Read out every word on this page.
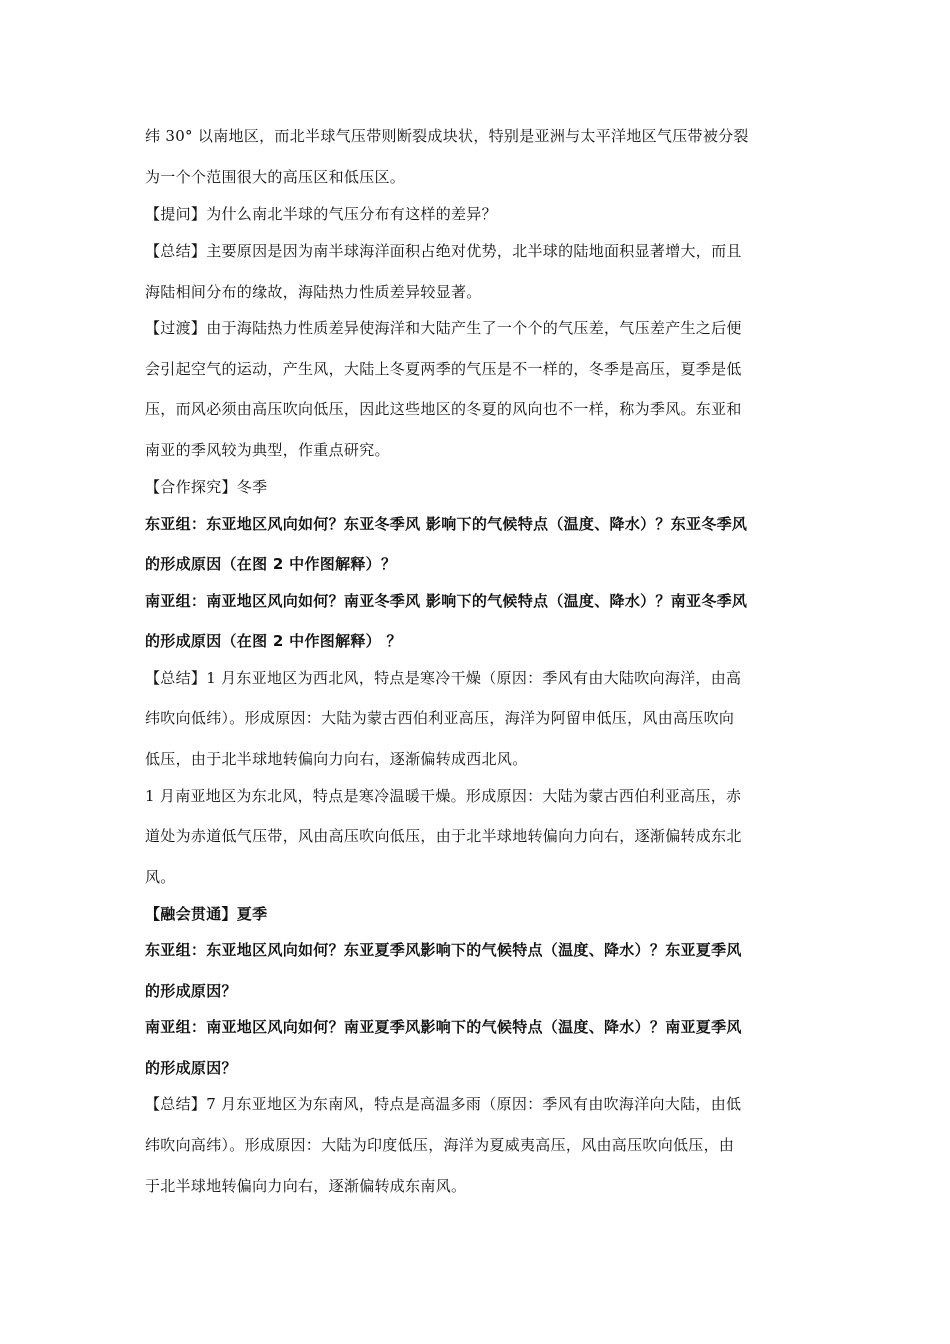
纬 30° 以南地区，而北半球气压带则断裂成块状，特别是亚洲与太平洋地区气压带被分裂
为一个个范围很大的高压区和低压区。
【提问】为什么南北半球的气压分布有这样的差异？
【总结】主要原因是因为南半球海洋面积占绝对优势，北半球的陆地面积显著增大，而且
海陆相间分布的缘故，海陆热力性质差异较显著。
【过渡】由于海陆热力性质差异使海洋和大陆产生了一个个的气压差，气压差产生之后便
会引起空气的运动，产生风，大陆上冬夏两季的气压是不一样的，冬季是高压，夏季是低
压，而风必须由高压吹向低压，因此这些地区的冬夏的风向也不一样，称为季风。东亚和
南亚的季风较为典型，作重点研究。
【合作探究】冬季
东亚组：东亚地区风向如何？东亚冬季风 影响下的气候特点（温度、降水）？东亚冬季风
的形成原因（在图 2 中作图解释）？
南亚组：南亚地区风向如何？南亚冬季风 影响下的气候特点（温度、降水）？南亚冬季风
的形成原因（在图 2 中作图解释） ？
【总结】1 月东亚地区为西北风，特点是寒冷干燥（原因：季风有由大陆吹向海洋，由高
纬吹向低纬）。形成原因：大陆为蒙古西伯利亚高压，海洋为阿留申低压，风由高压吹向
低压，由于北半球地转偏向力向右，逐渐偏转成西北风。
1 月南亚地区为东北风，特点是寒冷温暖干燥。形成原因：大陆为蒙古西伯利亚高压，赤
道处为赤道低气压带，风由高压吹向低压，由于北半球地转偏向力向右，逐渐偏转成东北
风。
【融会贯通】夏季
东亚组：东亚地区风向如何？东亚夏季风影响下的气候特点（温度、降水）？东亚夏季风
的形成原因？
南亚组：南亚地区风向如何？南亚夏季风影响下的气候特点（温度、降水）？南亚夏季风
的形成原因？
【总结】7 月东亚地区为东南风，特点是高温多雨（原因：季风有由吹海洋向大陆，由低
纬吹向高纬）。形成原因：大陆为印度低压，海洋为夏威夷高压，风由高压吹向低压，由
于北半球地转偏向力向右，逐渐偏转成东南风。
